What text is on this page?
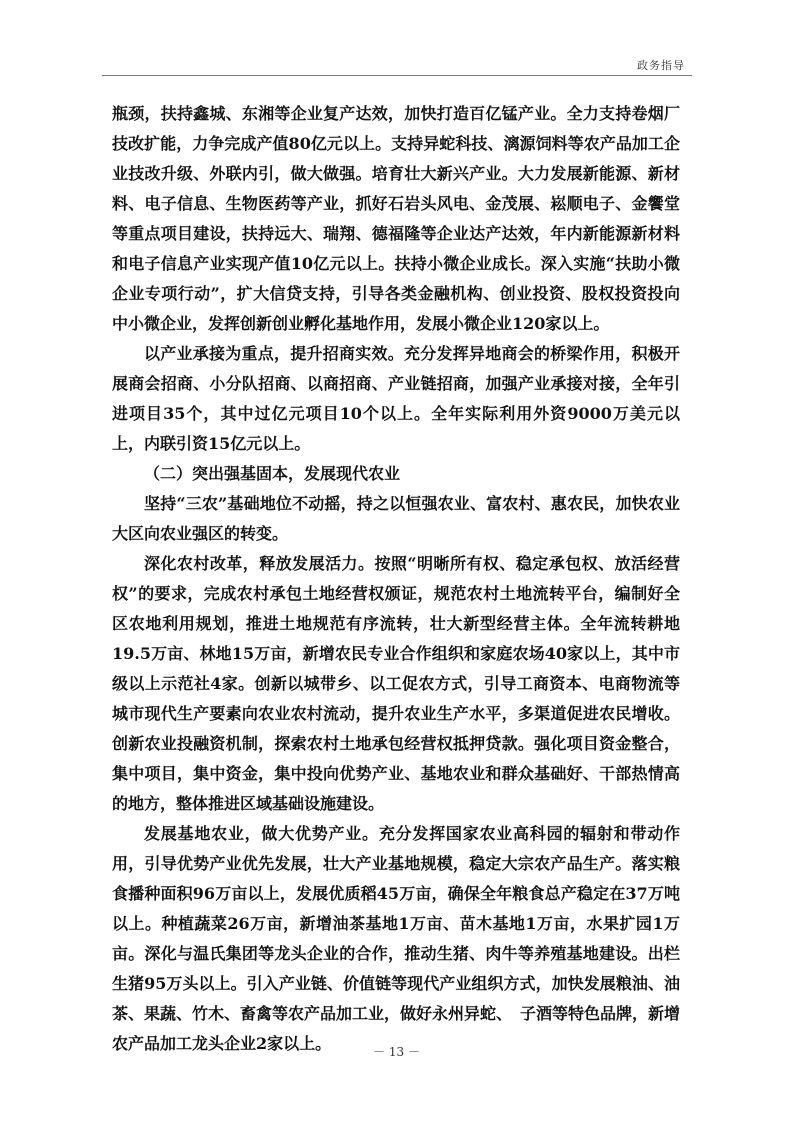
政务指导

瓶颈，扶持鑫城、东湘等企业复产达效，加快打造百亿锰产业。全力支持卷烟厂技改扩能，力争完成产值80亿元以上。支持异蛇科技、漓源饲料等农产品加工企业技改升级、外联内引，做大做强。培育壮大新兴产业。大力发展新能源、新材料、电子信息、生物医药等产业，抓好石岩头风电、金茂展、崧顺电子、金饗堂等重点项目建设，扶持远大、瑞翔、德福隆等企业达产达效，年内新能源新材料和电子信息产业实现产值10亿元以上。扶持小微企业成长。深入实施“扶助小微企业专项行动”，扩大信贷支持，引导各类金融机构、创业投资、股权投资投向中小微企业，发挥创新创业孵化基地作用，发展小微企业120家以上。

以产业承接为重点，提升招商实效。充分发挥异地商会的桥梁作用，积极开展商会招商、小分队招商、以商招商、产业链招商，加强产业承接对接，全年引进项目35个，其中过亿元项目10个以上。全年实际利用外资9000万美元以上，内联引资15亿元以上。

（二）突出强基固本，发展现代农业

坚持“三农”基础地位不动摇，持之以恒强农业、富农村、惠农民，加快农业大区向农业强区的转变。

深化农村改革，释放发展活力。按照“明晰所有权、稳定承包权、放活经营权”的要求，完成农村承包土地经营权颁证，规范农村土地流转平台，编制好全区农地利用规划，推进土地规范有序流转，壮大新型经营主体。全年流转耕地19.5万亩、林地15万亩，新增农民专业合作组织和家庭农场40家以上，其中市级以上示范社4家。创新以城带乡、以工促农方式，引导工商资本、电商物流等城市现代生产要素向农业农村流动，提升农业生产水平，多渠道促进农民增收。创新农业投融资机制，探索农村土地承包经营权抵押贷款。强化项目资金整合，集中项目，集中资金，集中投向优势产业、基地农业和群众基础好、干部热情高的地方，整体推进区域基础设施建设。

发展基地农业，做大优势产业。充分发挥国家农业高科园的辐射和带动作用，引导优势产业优先发展，壮大产业基地规模，稳定大宗农产品生产。落实粮食播种面积96万亩以上，发展优质稻45万亩，确保全年粮食总产稳定在37万吨以上。种植蔬菜26万亩，新增油茶基地1万亩、苗木基地1万亩，水果扩园1万亩。深化与温氏集团等龙头企业的合作，推动生猪、肉牛等养殖基地建设。出栏生猪95万头以上。引入产业链、价值链等现代产业组织方式，加快发展粮油、油茶、果蔬、竹木、畜禽等农产品加工业，做好永州异蛇、　子酒等特色品牌，新增农产品加工龙头企业2家以上。	－ 13 －
